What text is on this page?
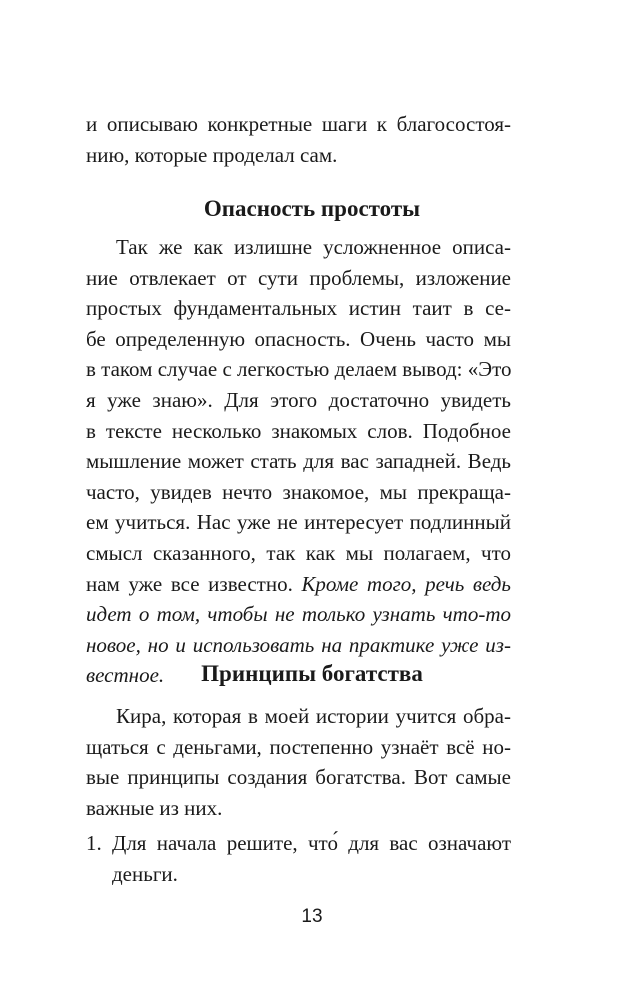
и описываю конкретные шаги к благосостоя-
нию, которые проделал сам.
Опасность простоты
Так же как излишне усложненное описа-
ние отвлекает от сути проблемы, изложение
простых фундаментальных истин таит в се-
бе определенную опасность. Очень часто мы
в таком случае с легкостью делаем вывод: «Это
я уже знаю». Для этого достаточно увидеть
в тексте несколько знакомых слов. Подобное
мышление может стать для вас западней. Ведь
часто, увидев нечто знакомое, мы прекраща-
ем учиться. Нас уже не интересует подлинный
смысл сказанного, так как мы полагаем, что
нам уже все известно. Кроме того, речь ведь
идет о том, чтобы не только узнать что-то
новое, но и использовать на практике уже из-
вестное.	Принципы богатства
Кира, которая в моей истории учится обра-
щаться с деньгами, постепенно узнаёт всё но-
вые принципы создания богатства. Вот самые
важные из них.
1. Для начала решите, что́ для вас означают
деньги.
13
